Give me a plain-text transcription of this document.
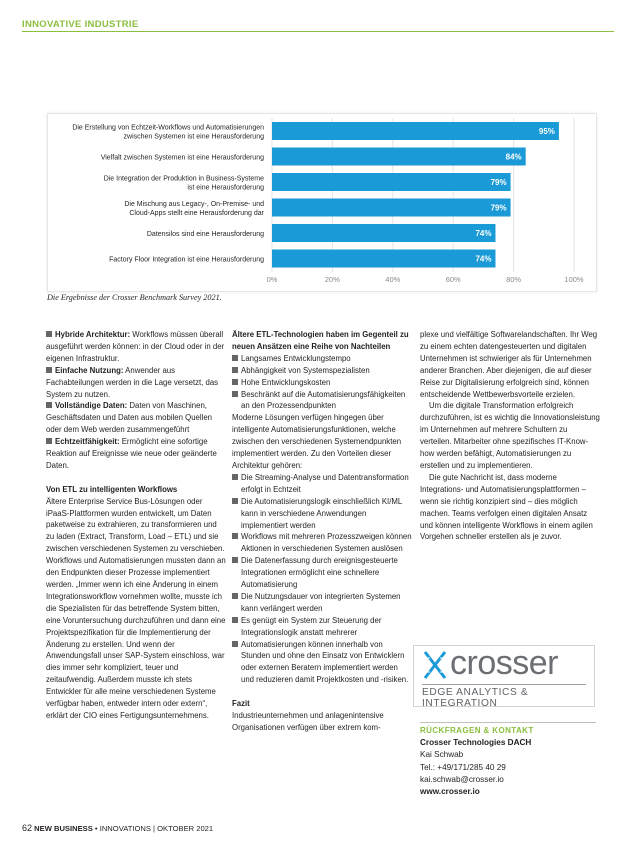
INNOVATIVE INDUSTRIE
0%	20%	40%	60%	80%	100%
95%
Die Erstellung von Echtzeit-Workflows und Automatisierungen
zwischen Systemen ist eine Herausforderung
84%
Vielfalt zwischen Systemen ist eine Herausforderung
79%
Die Integration der Produktion in Business-Systeme
ist eine Herausforderung
79%
Die Mischung aus Legacy-, On-Premise- und
Cloud-Apps stellt eine Herausforderung dar
74%
Datensilos sind eine Herausforderung
74%
Factory Floor Integration ist eine Herausforderung
Die Ergebnisse der Crosser Benchmark Survey 2021.
Hybride Architektur: Workflows müssen überall ausgeführt werden können: in der Cloud oder in der eigenen Infrastruktur.
Einfache Nutzung: Anwender aus Fachabteilungen werden in die Lage versetzt, das System zu nutzen.
Vollständige Daten: Daten von Maschinen, Geschäftsdaten und Daten aus mobilen Quellen oder dem Web werden zusammengeführt
Echtzeitfähigkeit: Ermöglicht eine sofortige Reaktion auf Ereignisse wie neue oder geänderte Daten.

Von ETL zu intelligenten Workflows

Ältere Enterprise Service Bus-Lösungen oder iPaaS-Plattformen wurden entwickelt, um Daten paketweise zu extrahieren, zu transformieren und zu laden (Extract, Transform, Load – ETL) und sie zwischen verschiedenen Systemen zu verschieben. Workflows und Automatisierungen mussten dann an den Endpunkten dieser Prozesse implementiert werden. „Immer wenn ich eine Änderung in einem Integrationsworkflow vornehmen wollte, musste ich die Spezialisten für das betreffende System bitten, eine Voruntersuchung durchzuführen und dann eine Projektspezifikation für die Implementierung der Änderung zu erstellen. Und wenn der Anwendungsfall unser SAP-System einschloss, war dies immer sehr kompliziert, teuer und zeitaufwendig. Außerdem musste ich stets Entwickler für alle meine verschiedenen Systeme verfügbar haben, entweder intern oder extern“, erklärt der CIO eines Fertigungsunternehmens.

Ältere ETL-Technologien haben im Gegenteil zu neuen Ansätzen eine Reihe von Nachteilen

Langsames Entwicklungstempo
Abhängigkeit von Systemspezialisten
Hohe Entwicklungskosten
Beschränkt auf die Automatisierungsfähigkeiten an den Prozessendpunkten

Moderne Lösungen verfügen hingegen über intelligente Automatisierungsfunktionen, welche zwischen den verschiedenen Systemendpunkten implementiert werden. Zu den Vorteilen dieser Architektur gehören:

Die Streaming-Analyse und Datentransformation erfolgt in Echtzeit
Die Automatisierungslogik einschließlich KI/ML kann in verschiedene Anwendungen implementiert werden
Workflows mit mehreren Prozesszweigen können Aktionen in verschiedenen Systemen auslösen
Die Datenerfassung durch ereignisgesteuerte Integrationen ermöglicht eine schnellere Automatisierung
Die Nutzungsdauer von integrierten Systemen kann verlängert werden
Es genügt ein System zur Steuerung der Integrationslogik anstatt mehrerer
Automatisierungen können innerhalb von Stunden und ohne den Einsatz von Entwicklern oder externen Beratern implementiert werden und reduzieren damit Projektkosten und -risiken.

Fazit

Industrieunternehmen und anlagenintensive Organisationen verfügen über extrem kom-

plexe und vielfältige Softwarelandschaften. Ihr Weg zu einem echten datengesteuerten und digitalen Unternehmen ist schwieriger als für Unternehmen anderer Branchen. Aber diejenigen, die auf dieser Reise zur Digitalisierung erfolgreich sind, können entscheidende Wettbewerbsvorteile erzielen.

Um die digitale Transformation erfolgreich durchzuführen, ist es wichtig die Innovationsleistung im Unternehmen auf mehrere Schultern zu verteilen. Mitarbeiter ohne spezifisches IT-Know-how werden befähigt, Automatisierungen zu erstellen und zu implementieren.

Die gute Nachricht ist, dass moderne Integrations- und Automatisierungsplattformen – wenn sie richtig konzipiert sind – dies möglich machen. Teams verfolgen einen digitalen Ansatz und können intelligente Workflows in einem agilen Vorgehen schneller erstellen als je zuvor.

crosser
EDGE ANALYTICS & INTEGRATION
RÜCKFRAGEN & KONTAKT
Crosser Technologies DACH
Kai Schwab
Tel.: +49/171/285 40 29
kai.schwab@crosser.io
www.crosser.io
62 NEW BUSINESS • INNOVATIONS | OKTOBER 2021
